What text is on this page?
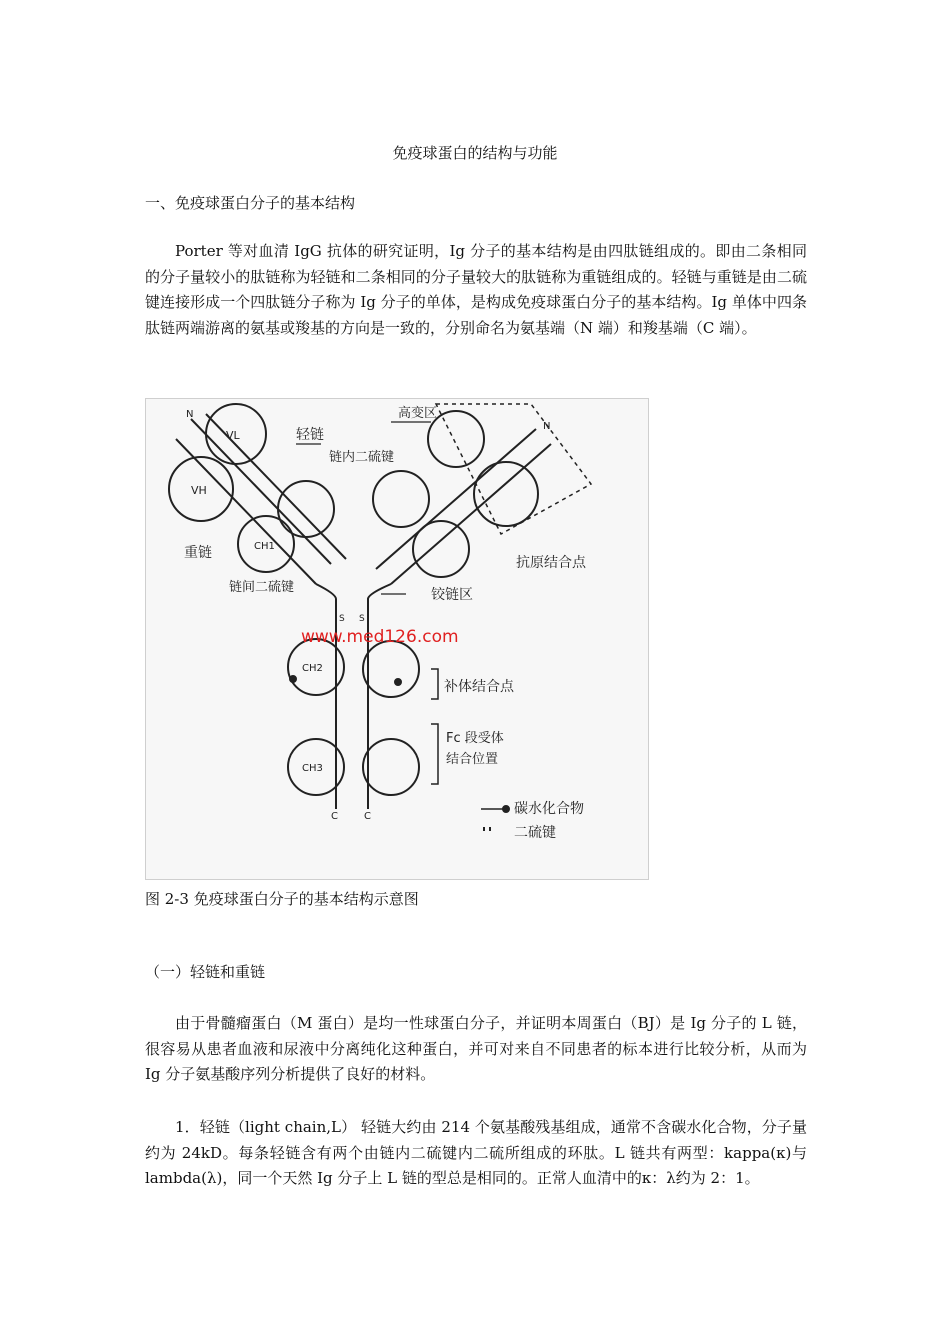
免疫球蛋白的结构与功能
一、免疫球蛋白分子的基本结构
Porter 等对血清 IgG 抗体的研究证明，Ig 分子的基本结构是由四肽链组成的。即由二条相同的分子量较小的肽链称为轻链和二条相同的分子量较大的肽链称为重链组成的。轻链与重链是由二硫键连接形成一个四肽链分子称为 Ig 分子的单体，是构成免疫球蛋白分子的基本结构。Ig 单体中四条肽链两端游离的氨基或羧基的方向是一致的，分别命名为氨基端（N 端）和羧基端（C 端）。
VL
VH
CH1
CH2
CH3
N
N
C	C
S S
高变区
轻链
链内二硫键
重链
抗原结合点
链间二硫键	铰链区
www.med126.com
补体结合点
Fc 段受体
结合位置
碳水化合物
二硫键
图 2-3 免疫球蛋白分子的基本结构示意图
（一）轻链和重链
由于骨髓瘤蛋白（M 蛋白）是均一性球蛋白分子，并证明本周蛋白（BJ）是 Ig 分子的 L 链，很容易从患者血液和尿液中分离纯化这种蛋白，并可对来自不同患者的标本进行比较分析，从而为 Ig 分子氨基酸序列分析提供了良好的材料。
1．轻链（light chain,L） 轻链大约由 214 个氨基酸残基组成，通常不含碳水化合物，分子量约为 24kD。每条轻链含有两个由链内二硫键内二硫所组成的环肽。L 链共有两型：kappa(κ)与 lambda(λ)，同一个天然 Ig 分子上 L 链的型总是相同的。正常人血清中的κ：λ约为 2：1。
